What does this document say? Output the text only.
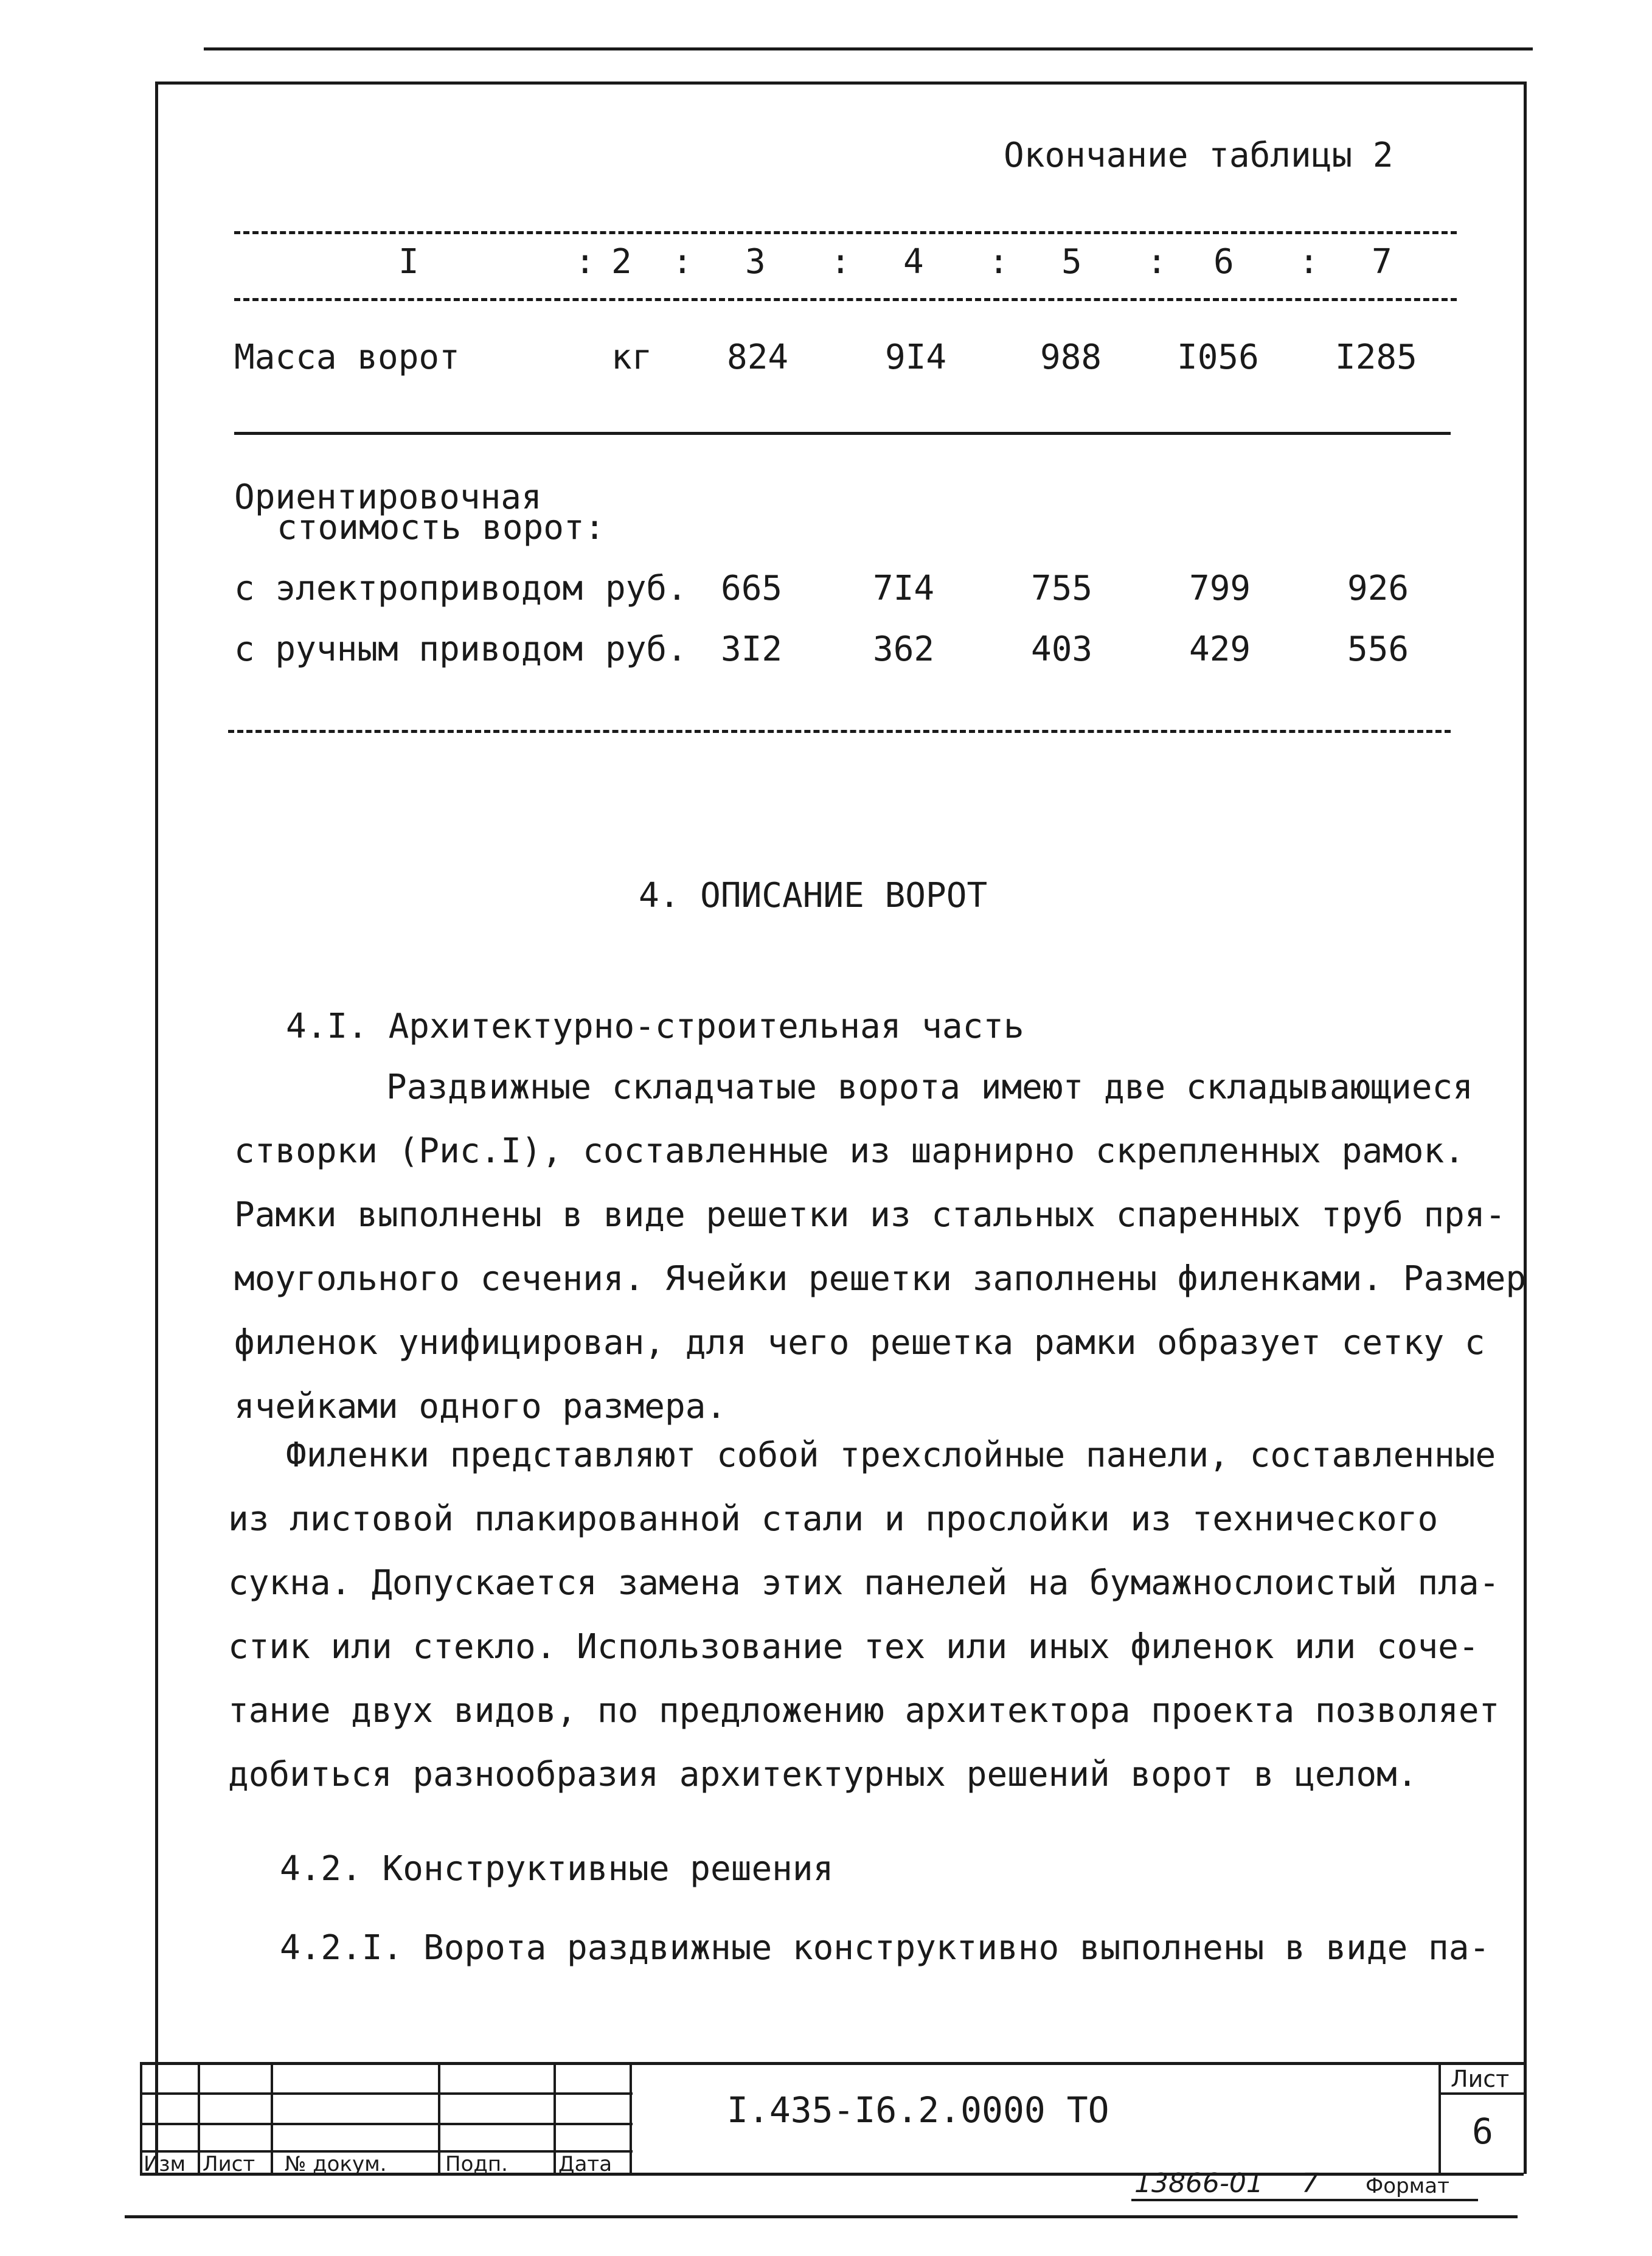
Окончание таблицы 2
I	: 2 : 3 : 4 : 5 : 6 : 7
Масса ворот	кг 824	9I4	988 I056 I285
Ориентировочная
стоимость ворот:
с электроприводом руб. 665	7I4	755	799	926
с ручным приводом руб. 3I2	362	403	429	556
4. ОПИСАНИЕ ВОРОТ
4.I. Архитектурно-строительная часть
Раздвижные складчатые ворота имеют две складывающиеся
створки (Рис.I), составленные из шарнирно скрепленных рамок.
Рамки выполнены в виде решетки из стальных спаренных труб пря-
моугольного сечения. Ячейки решетки заполнены филенками. Размер
филенок унифицирован, для чего решетка рамки образует сетку с
ячейками одного размера.
Филенки представляют собой трехслойные панели, составленные
из листовой плакированной стали и прослойки из технического
сукна. Допускается замена этих панелей на бумажнослоистый пла-
стик или стекло. Использование тех или иных филенок или соче-
тание двух видов, по предложению архитектора проекта позволяет
добиться разнообразия архитектурных решений ворот в целом.
4.2. Конструктивные решения
4.2.I. Ворота раздвижные конструктивно выполнены в виде па-
Изм Лист № докум.	Подп. Дата
I.435-I6.2.0000 ТО
Лист
6
13866-01 7 Формат
